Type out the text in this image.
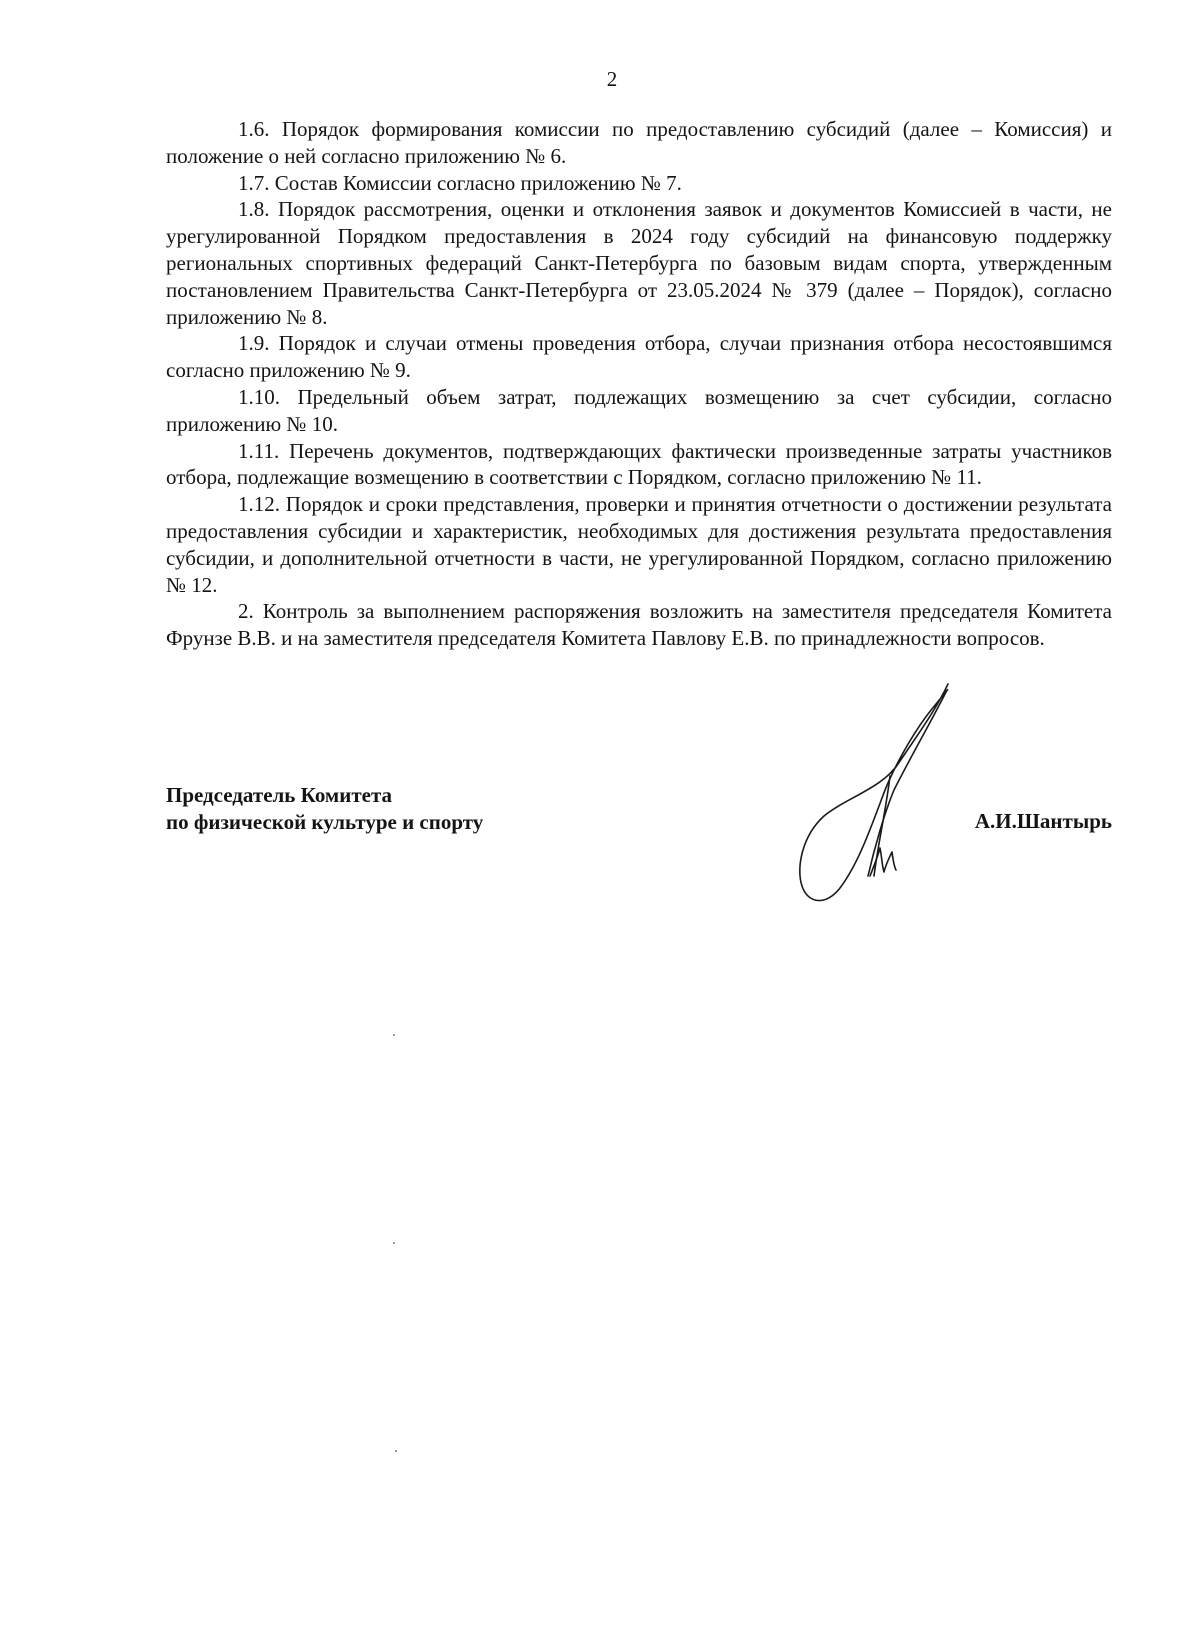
2

1.6. Порядок формирования комиссии по предоставлению субсидий (далее – Комиссия) и положение о ней согласно приложению № 6.

1.7. Состав Комиссии согласно приложению № 7.

1.8. Порядок рассмотрения, оценки и отклонения заявок и документов Комиссией в части, не урегулированной Порядком предоставления в 2024 году субсидий на финансовую поддержку региональных спортивных федераций Санкт-Петербурга по базовым видам спорта, утвержденным постановлением Правительства Санкт-Петербурга от 23.05.2024 № 379 (далее – Порядок), согласно приложению № 8.

1.9. Порядок и случаи отмены проведения отбора, случаи признания отбора несостоявшимся согласно приложению № 9.

1.10. Предельный объем затрат, подлежащих возмещению за счет субсидии, согласно приложению № 10.

1.11. Перечень документов, подтверждающих фактически произведенные затраты участников отбора, подлежащие возмещению в соответствии с Порядком, согласно приложению № 11.

1.12. Порядок и сроки представления, проверки и принятия отчетности о достижении результата предоставления субсидии и характеристик, необходимых для достижения результата предоставления субсидии, и дополнительной отчетности в части, не урегулированной Порядком, согласно приложению № 12.

2. Контроль за выполнением распоряжения возложить на заместителя председателя Комитета Фрунзе В.В. и на заместителя председателя Комитета Павлову Е.В. по принадлежности вопросов.

Председатель Комитета
по физической культуре и спорту	А.И.Шантырь
